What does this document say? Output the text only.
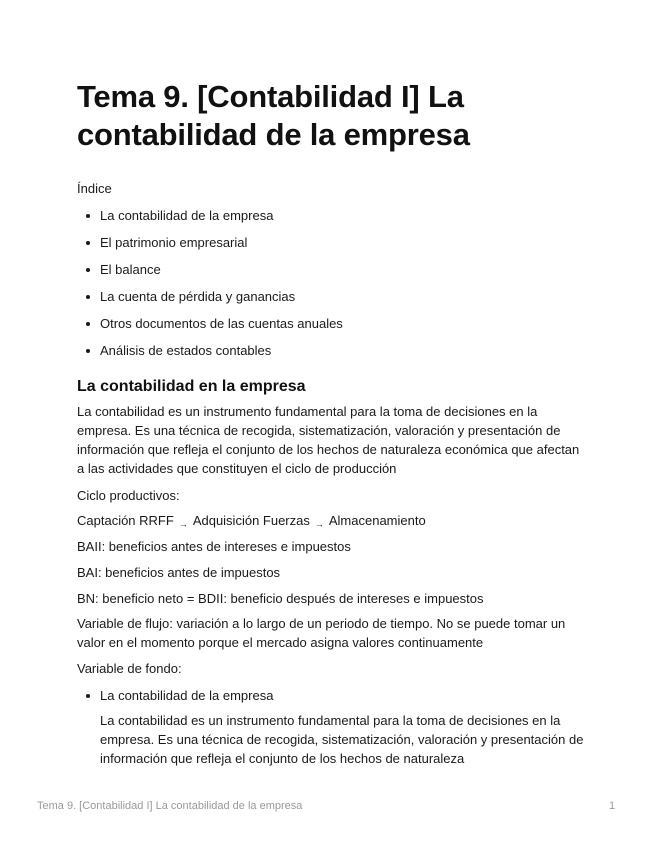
Tema 9. [Contabilidad I] La contabilidad de la empresa
Índice
La contabilidad de la empresa
El patrimonio empresarial
El balance
La cuenta de pérdida y ganancias
Otros documentos de las cuentas anuales
Análisis de estados contables
La contabilidad en la empresa
La contabilidad es un instrumento fundamental para la toma de decisiones en la
empresa. Es una técnica de recogida, sistematización, valoración y presentación de
información que refleja el conjunto de los hechos de naturaleza económica que afectan
a las actividades que constituyen el ciclo de producción
Ciclo productivos:
Captación RRFF → Adquisición Fuerzas → Almacenamiento
BAII: beneficios antes de intereses e impuestos
BAI: beneficios antes de impuestos
BN: beneficio neto = BDII: beneficio después de intereses e impuestos
Variable de flujo: variación a lo largo de un periodo de tiempo. No se puede tomar un
valor en el momento porque el mercado asigna valores continuamente
Variable de fondo:
La contabilidad de la empresa
La contabilidad es un instrumento fundamental para la toma de decisiones en la
empresa. Es una técnica de recogida, sistematización, valoración y presentación de
información que refleja el conjunto de los hechos de naturaleza
Tema 9. [Contabilidad I] La contabilidad de la empresa	1
